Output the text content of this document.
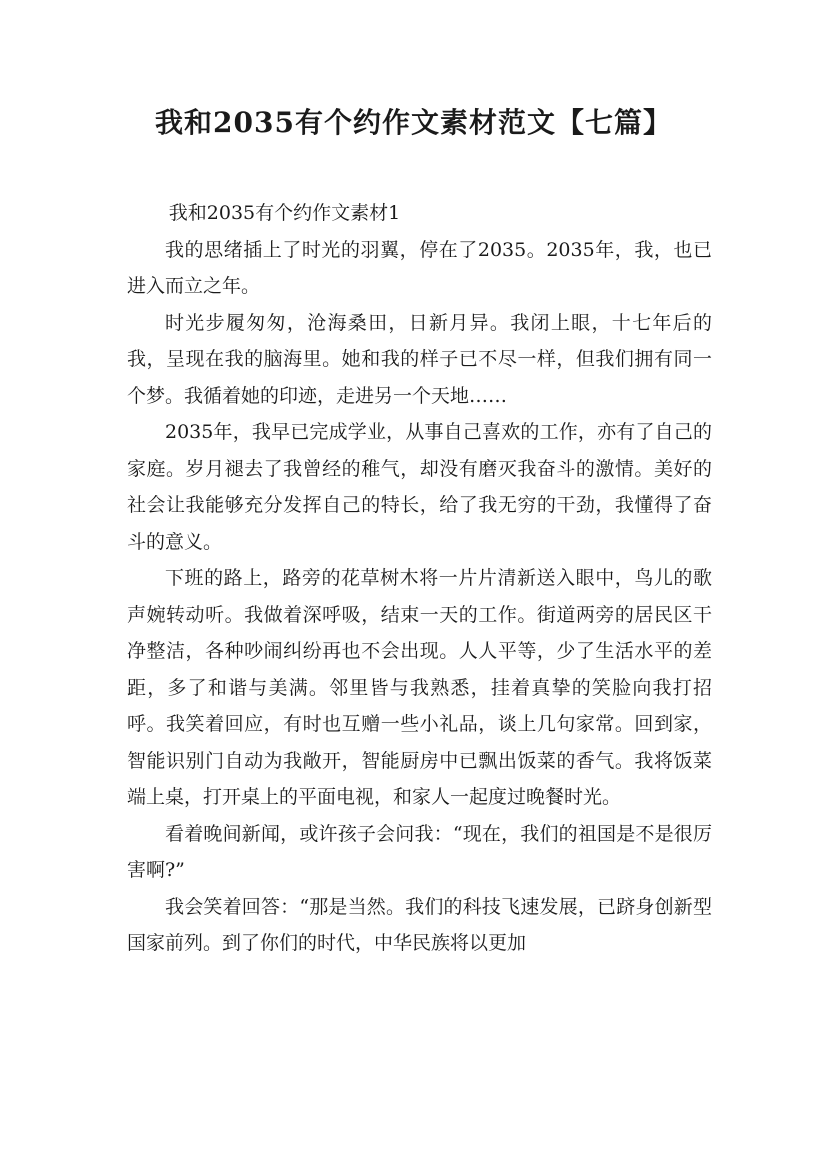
我和2035有个约作文素材范文【七篇】

我和2035有个约作文素材1

我的思绪插上了时光的羽翼，停在了2035。2035年，我，也已进入而立之年。

时光步履匆匆，沧海桑田，日新月异。我闭上眼，十七年后的我，呈现在我的脑海里。她和我的样子已不尽一样，但我们拥有同一个梦。我循着她的印迹，走进另一个天地……

2035年，我早已完成学业，从事自己喜欢的工作，亦有了自己的家庭。岁月褪去了我曾经的稚气，却没有磨灭我奋斗的激情。美好的社会让我能够充分发挥自己的特长，给了我无穷的干劲，我懂得了奋斗的意义。

下班的路上，路旁的花草树木将一片片清新送入眼中，鸟儿的歌声婉转动听。我做着深呼吸，结束一天的工作。街道两旁的居民区干净整洁，各种吵闹纠纷再也不会出现。人人平等，少了生活水平的差距，多了和谐与美满。邻里皆与我熟悉，挂着真挚的笑脸向我打招呼。我笑着回应，有时也互赠一些小礼品，谈上几句家常。回到家，智能识别门自动为我敞开，智能厨房中已飘出饭菜的香气。我将饭菜端上桌，打开桌上的平面电视，和家人一起度过晚餐时光。

看着晚间新闻，或许孩子会问我：“现在，我们的祖国是不是很厉害啊?”

我会笑着回答：“那是当然。我们的科技飞速发展，已跻身创新型国家前列。到了你们的时代，中华民族将以更加
